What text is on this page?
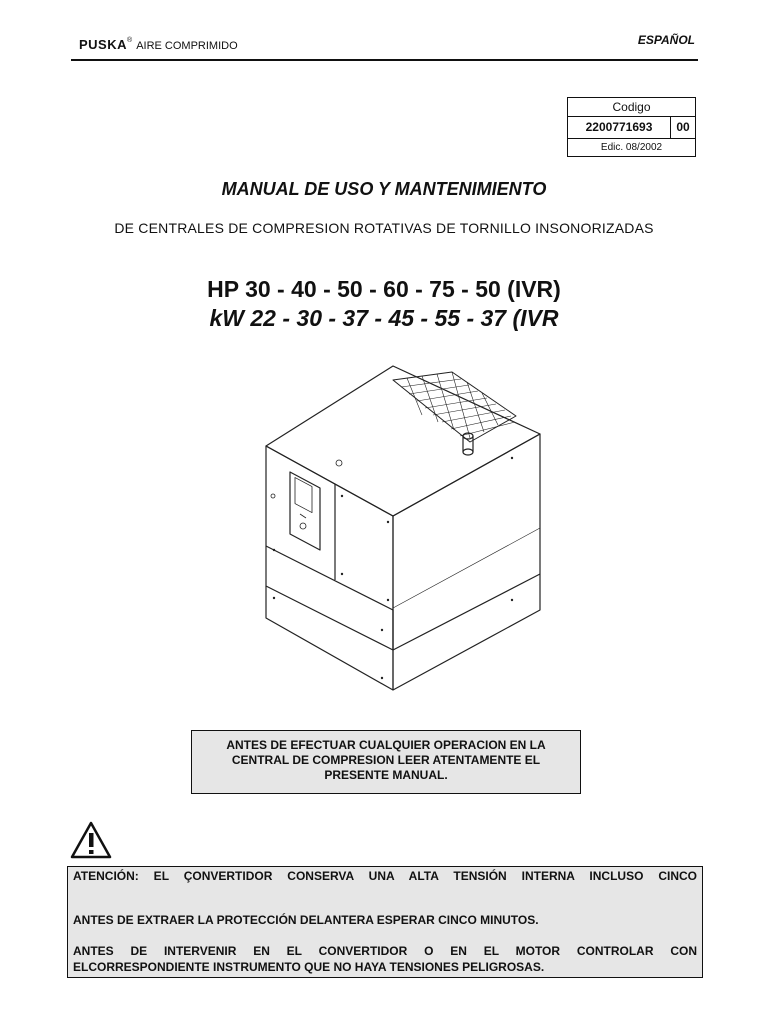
PUSKA® AIRE COMPRIMIDO	ESPAÑOL
Codigo
2200771693	00
Edic. 08/2002
MANUAL DE USO Y MANTENIMIENTO
DE CENTRALES DE COMPRESION ROTATIVAS DE TORNILLO INSONORIZADAS
HP 30 - 40 - 50 - 60 - 75 - 50 (IVR)
kW 22 - 30 - 37 - 45 - 55 - 37 (IVR
ANTES DE EFECTUAR CUALQUIER OPERACION EN LA
CENTRAL DE COMPRESION LEER ATENTAMENTE EL
PRESENTE MANUAL.
ATENCIÓN: EL ÇONVERTIDOR CONSERVA UNA ALTA TENSIÓN INTERNA INCLUSO CINCO
ANTES DE EXTRAER LA PROTECCIÓN DELANTERA ESPERAR CINCO MINUTOS.
ANTES DE INTERVENIR EN EL CONVERTIDOR O EN EL MOTOR CONTROLAR CON
ELCORRESPONDIENTE INSTRUMENTO QUE NO HAYA TENSIONES PELIGROSAS.
